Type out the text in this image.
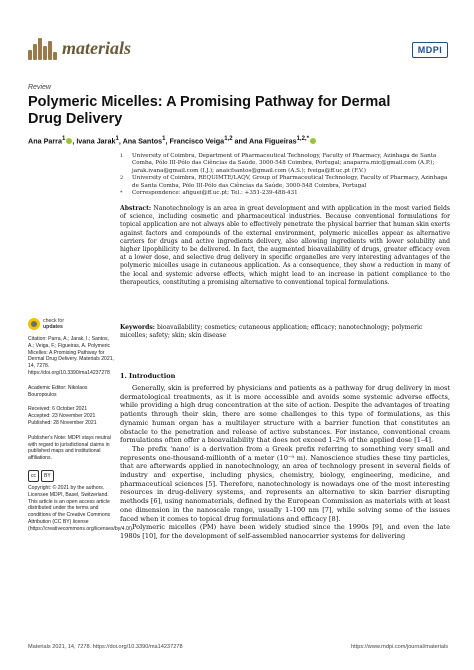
materials	MDPI
Review
Polymeric Micelles: A Promising Pathway for Dermal Drug Delivery
Ana Parra$^1$ , Ivana Jarak$^1$, Ana Santos$^1$, Francisco Veiga$^{1,2}$ and Ana Figueiras$^{1,2,*}$
1	University of Coimbra, Department of Pharmaceutical Technology, Faculty of Pharmacy, Azinhaga de Santa Comba, Pólo III-Pólo das Ciências da Saúde, 3000-548 Coimbra, Portugal; anaparra.mic@gmail.com (A.P.); jarak.ivana@gmail.com (I.J.); anaicfsantos@gmail.com (A.S.); fveiga@ff.uc.pt (F.V.)
2	University of Coimbra, REQUIMTE/LAQV, Group of Pharmaceutical Technology, Faculty of Pharmacy, Azinhaga de Santa Comba, Pólo III-Pólo das Ciências da Saúde, 3000-548 Coimbra, Portugal
*	Correspondence: afiguei@ff.uc.pt; Tel.: +351-239-488-431
Abstract: Nanotechnology is an area in great development and with application in the most varied fields of science, including cosmetic and pharmaceutical industries. Because conventional formulations for topical application are not always able to effectively penetrate the physical barrier that human skin exerts against factors and compounds of the external environment, polymeric micelles appear as alternative carriers for drugs and active ingredients delivery, also allowing ingredients with lower solubility and higher lipophilicity to be delivered. In fact, the augmented bioavailability of drugs, greater efficacy even at a lower dose, and selective drug delivery in specific organelles are very interesting advantages of the polymeric micelles usage in cutaneous application. As a consequence, they show a reduction in many of the local and systemic adverse effects, which might lead to an increase in patient compliance to the therapeutics, constituting a promising alternative to conventional topical formulations.
Keywords: bioavailability; cosmetics; cutaneous application; efficacy; nanotechnology; polymeric micelles; safety; skin; skin disease
check for
updates

Citation: Parra, A.; Jarak, I.; Santos, A.; Veiga, F.; Figueiras, A. Polymeric Micelles: A Promising Pathway for Dermal Drug Delivery. Materials 2021, 14, 7278. https://doi.org/10.3390/ma14237278

Academic Editor: Nikolaos Bouropoulos

Received: 6 October 2021

Accepted: 23 November 2021

Published: 28 November 2021

Publisher's Note: MDPI stays neutral with regard to jurisdictional claims in published maps and institutional affiliations.

cc	BY

Copyright: © 2021 by the authors. Licensee MDPI, Basel, Switzerland. This article is an open access article distributed under the terms and conditions of the Creative Commons Attribution (CC BY) license (https://creativecommons.org/licenses/by/4.0/).

1. Introduction

Generally, skin is preferred by physicians and patients as a pathway for drug delivery in most dermatological treatments, as it is more accessible and avoids some systemic adverse effects, while providing a high drug concentration at the site of action. Despite the advantages of treating patients through their skin, there are some challenges to this type of formulations, as this dynamic human organ has a multilayer structure with a barrier function that constitutes an obstacle to the penetration and release of active substances. For instance, conventional cream formulations often offer a bioavailability that does not exceed 1–2% of the applied dose [1–4].

The prefix ‘nano’ is a derivation from a Greek prefix referring to something very small and represents one-thousand-millionth of a meter (10⁻⁹ m). Nanoscience studies these tiny particles, that are afterwards applied in nanotechnology, an area of technology present in several fields of industry and expertise, including physics, chemistry, biology, engineering, medicine, and pharmaceutical sciences [5]. Therefore, nanotechnology is nowadays one of the most interesting resources in drug-delivery systems, and represents an alternative to skin barrier disrupting methods [6], using nanomaterials, defined by the European Commission as materials with at least one dimension in the nanoscale range, usually 1–100 nm [7], while solving some of the issues faced when it comes to topical drug formulations and efficacy [8].

Polymeric micelles (PM) have been widely studied since the 1990s [9], and even the late 1980s [10], for the development of self-assembled nanocarrier systems for delivering

Materials 2021, 14, 7278. https://doi.org/10.3390/ma14237278	https://www.mdpi.com/journal/materials
